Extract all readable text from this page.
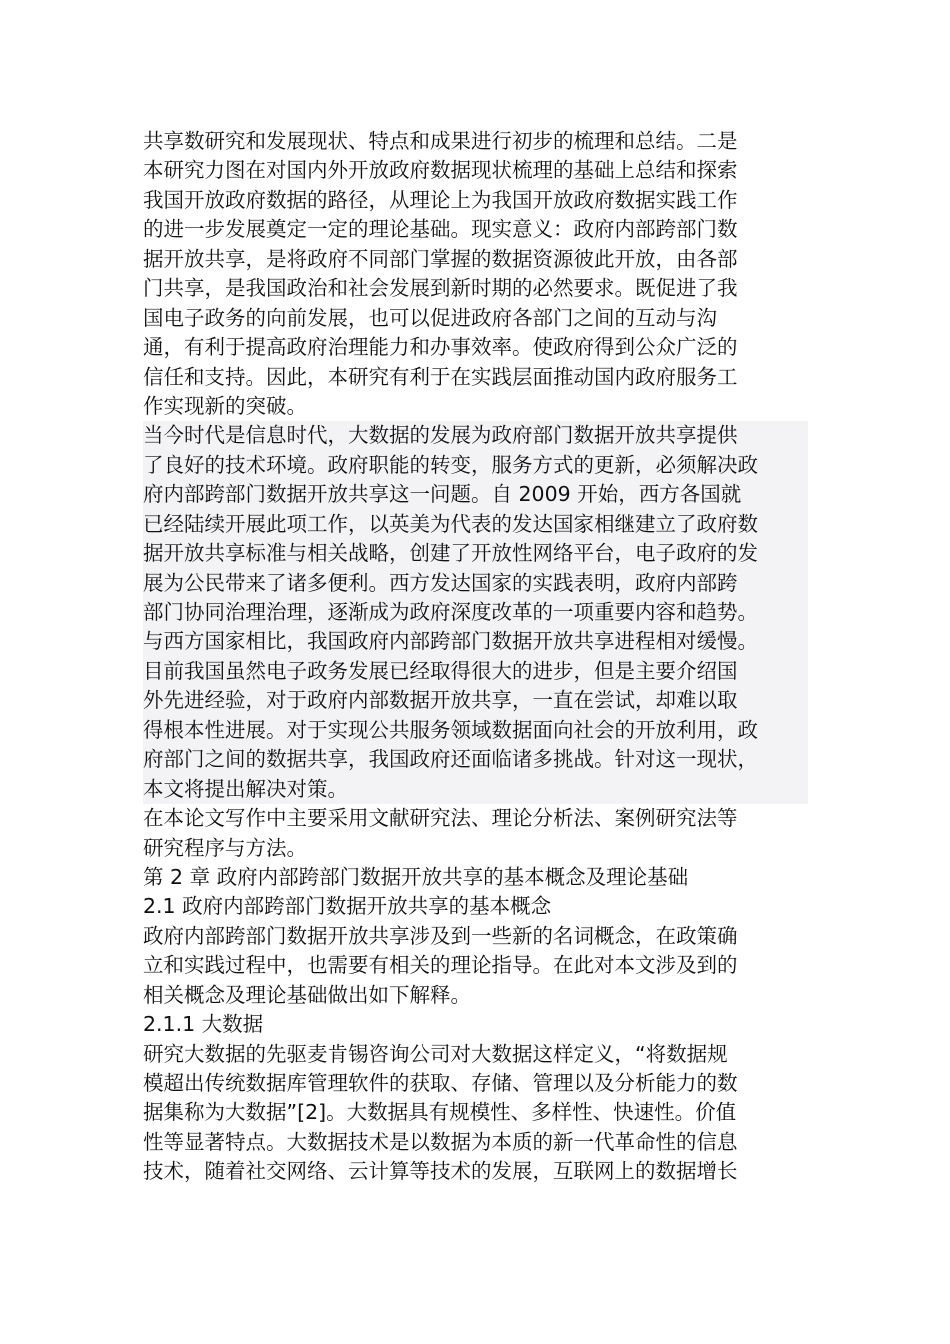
共享数研究和发展现状、特点和成果进行初步的梳理和总结。二是
本研究力图在对国内外开放政府数据现状梳理的基础上总结和探索
我国开放政府数据的路径，从理论上为我国开放政府数据实践工作
的进一步发展奠定一定的理论基础。现实意义：政府内部跨部门数
据开放共享，是将政府不同部门掌握的数据资源彼此开放，由各部
门共享，是我国政治和社会发展到新时期的必然要求。既促进了我
国电子政务的向前发展，也可以促进政府各部门之间的互动与沟
通，有利于提高政府治理能力和办事效率。使政府得到公众广泛的
信任和支持。因此，本研究有利于在实践层面推动国内政府服务工
作实现新的突破。
当今时代是信息时代，大数据的发展为政府部门数据开放共享提供
了良好的技术环境。政府职能的转变，服务方式的更新，必须解决政
府内部跨部门数据开放共享这一问题。自 2009 开始，西方各国就
已经陆续开展此项工作，以英美为代表的发达国家相继建立了政府数
据开放共享标准与相关战略，创建了开放性网络平台，电子政府的发
展为公民带来了诸多便利。西方发达国家的实践表明，政府内部跨
部门协同治理治理，逐渐成为政府深度改革的一项重要内容和趋势。
与西方国家相比，我国政府内部跨部门数据开放共享进程相对缓慢。
目前我国虽然电子政务发展已经取得很大的进步，但是主要介绍国
外先进经验，对于政府内部数据开放共享，一直在尝试，却难以取
得根本性进展。对于实现公共服务领域数据面向社会的开放利用，政
府部门之间的数据共享，我国政府还面临诸多挑战。针对这一现状，
本文将提出解决对策。
在本论文写作中主要采用文献研究法、理论分析法、案例研究法等
研究程序与方法。
第 2 章 政府内部跨部门数据开放共享的基本概念及理论基础
2.1 政府内部跨部门数据开放共享的基本概念
政府内部跨部门数据开放共享涉及到一些新的名词概念，在政策确
立和实践过程中，也需要有相关的理论指导。在此对本文涉及到的
相关概念及理论基础做出如下解释。
2.1.1 大数据
研究大数据的先驱麦肯锡咨询公司对大数据这样定义，“将数据规
模超出传统数据库管理软件的获取、存储、管理以及分析能力的数
据集称为大数据”[2]。大数据具有规模性、多样性、快速性。价值
性等显著特点。大数据技术是以数据为本质的新一代革命性的信息
技术，随着社交网络、云计算等技术的发展，互联网上的数据增长
